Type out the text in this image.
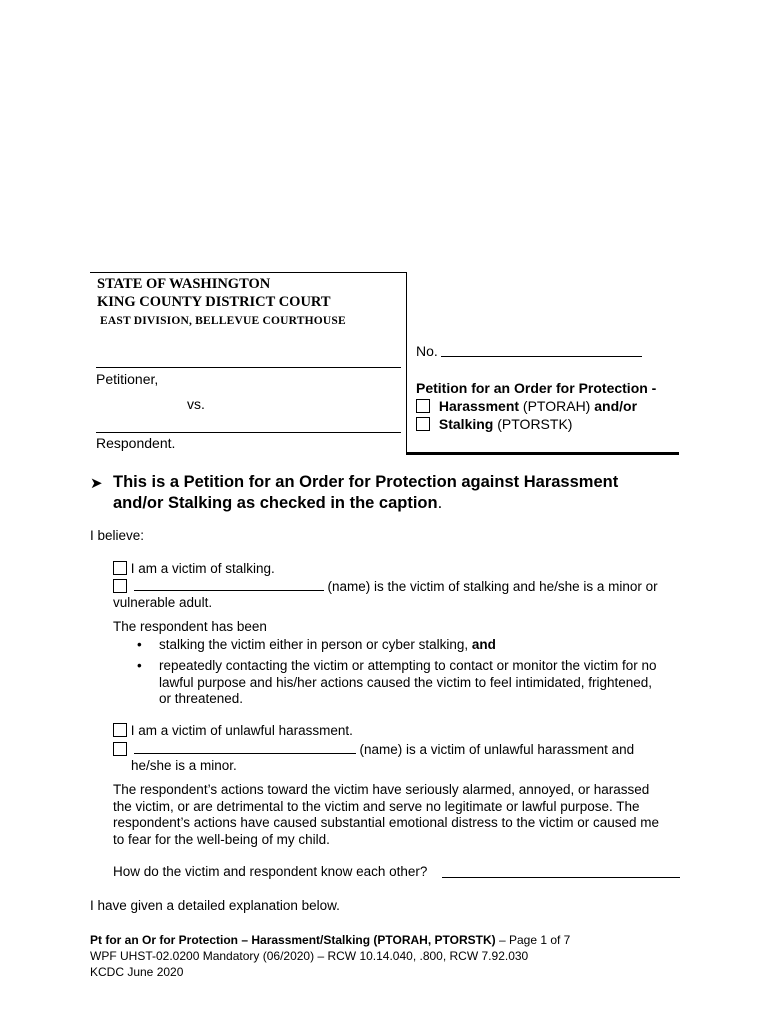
STATE OF WASHINGTON
KING COUNTY DISTRICT COURT
EAST DIVISION, BELLEVUE COURTHOUSE
Petitioner,
vs.
Respondent.
No.
Petition for an Order for Protection -
Harassment (PTORAH) and/or
Stalking (PTORSTK)
➤ This is a Petition for an Order for Protection against Harassment
and/or Stalking as checked in the caption.
I believe:
I am a victim of stalking.
(name) is the victim of stalking and he/she is a minor or
vulnerable adult.
The respondent has been
• stalking the victim either in person or cyber stalking, and
• repeatedly contacting the victim or attempting to contact or monitor the victim for no
lawful purpose and his/her actions caused the victim to feel intimidated, frightened,
or threatened.
I am a victim of unlawful harassment.
(name) is a victim of unlawful harassment and
he/she is a minor.
The respondent’s actions toward the victim have seriously alarmed, annoyed, or harassed
the victim, or are detrimental to the victim and serve no legitimate or lawful purpose. The
respondent’s actions have caused substantial emotional distress to the victim or caused me
to fear for the well-being of my child.
How do the victim and respondent know each other?
I have given a detailed explanation below.
Pt for an Or for Protection – Harassment/Stalking (PTORAH, PTORSTK) – Page 1 of 7
WPF UHST-02.0200 Mandatory (06/2020) – RCW 10.14.040, .800, RCW 7.92.030
KCDC June 2020
